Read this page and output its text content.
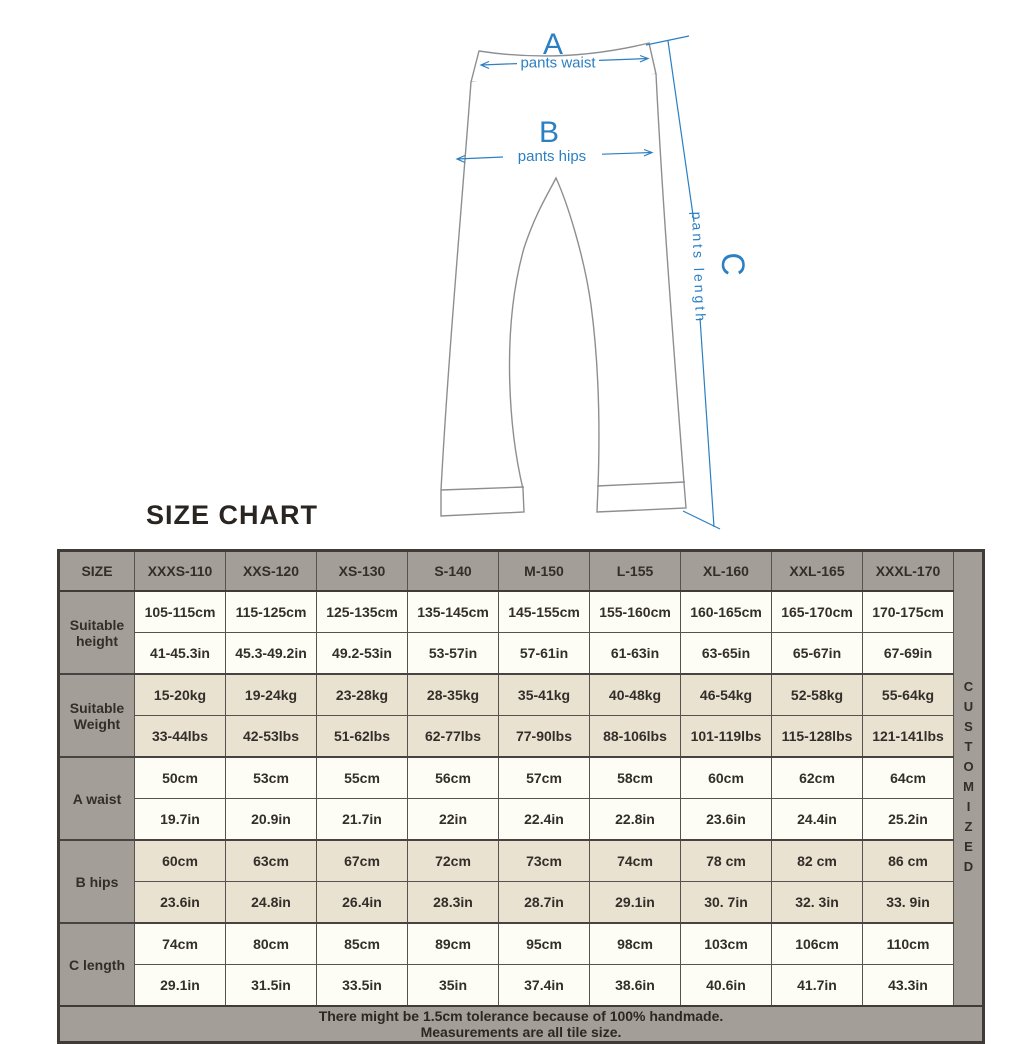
A
pants waist
B
pants hips
C
pants length
SIZE CHART
SIZE	XXXS-110	XXS-120	XS-130	S-140	M-150	L-155	XL-160	XXL-165	XXXL-170	CUSTOMIZED

Suitable height	105-115cm	115-125cm	125-135cm	135-145cm	145-155cm	155-160cm	160-165cm	165-170cm	170-175cm	
	41-45.3in	45.3-49.2in	49.2-53in	53-57in	57-61in	61-63in	63-65in	65-67in	67-69in	
Suitable Weight	15-20kg	19-24kg	23-28kg	28-35kg	35-41kg	40-48kg	46-54kg	52-58kg	55-64kg	
	33-44lbs	42-53lbs	51-62lbs	62-77lbs	77-90lbs	88-106lbs	101-119lbs	115-128lbs	121-141lbs	
A waist	50cm	53cm	55cm	56cm	57cm	58cm	60cm	62cm	64cm	
	19.7in	20.9in	21.7in	22in	22.4in	22.8in	23.6in	24.4in	25.2in	
B hips	60cm	63cm	67cm	72cm	73cm	74cm	78 cm	82 cm	86 cm	
	23.6in	24.8in	26.4in	28.3in	28.7in	29.1in	30. 7in	32. 3in	33. 9in	
C length	74cm	80cm	85cm	89cm	95cm	98cm	103cm	106cm	110cm	
	29.1in	31.5in	33.5in	35in	37.4in	38.6in	40.6in	41.7in	43.3in	

There might be 1.5cm tolerance because of 100% handmade.
Measurements are all tile size.										
